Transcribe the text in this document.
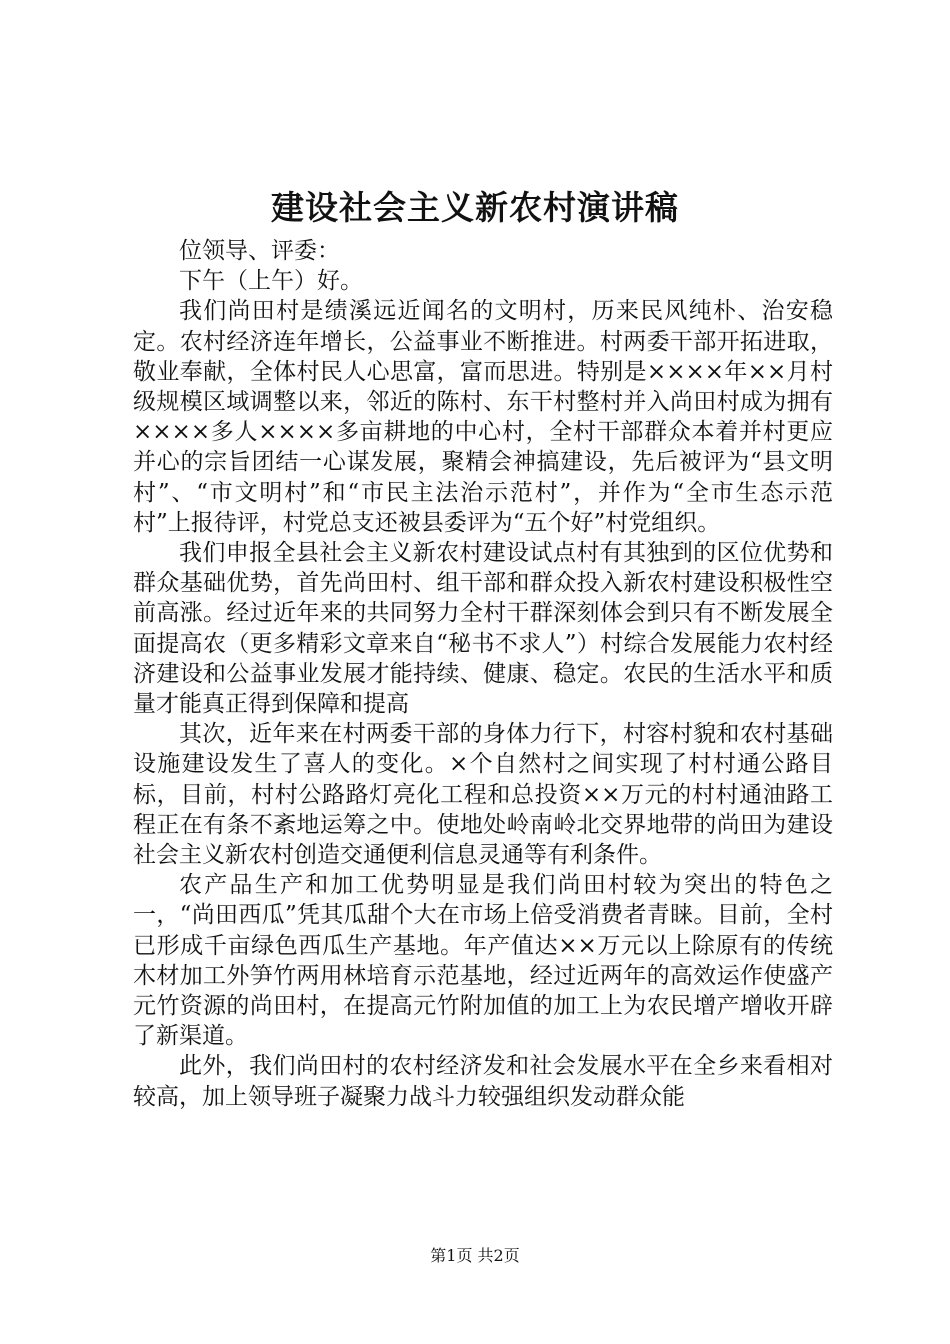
建设社会主义新农村演讲稿

位领导、评委：

下午（上午）好。

我们尚田村是绩溪远近闻名的文明村，历来民风纯朴、治安稳定。农村经济连年增长，公益事业不断推进。村两委干部开拓进取，敬业奉献，全体村民人心思富，富而思进。特别是××××年××月村级规模区域调整以来，邻近的陈村、东干村整村并入尚田村成为拥有××××多人××××多亩耕地的中心村，全村干部群众本着并村更应并心的宗旨团结一心谋发展，聚精会神搞建设，先后被评为“县文明村”、“市文明村”和“市民主法治示范村”，并作为“全市生态示范村”上报待评，村党总支还被县委评为“五个好”村党组织。

我们申报全县社会主义新农村建设试点村有其独到的区位优势和群众基础优势，首先尚田村、组干部和群众投入新农村建设积极性空前高涨。经过近年来的共同努力全村干群深刻体会到只有不断发展全面提高农（更多精彩文章来自“秘书不求人”）村综合发展能力农村经济建设和公益事业发展才能持续、健康、稳定。农民的生活水平和质量才能真正得到保障和提高

其次，近年来在村两委干部的身体力行下，村容村貌和农村基础设施建设发生了喜人的变化。×个自然村之间实现了村村通公路目标，目前，村村公路路灯亮化工程和总投资××万元的村村通油路工程正在有条不紊地运筹之中。使地处岭南岭北交界地带的尚田为建设社会主义新农村创造交通便利信息灵通等有利条件。

农产品生产和加工优势明显是我们尚田村较为突出的特色之一，“尚田西瓜”凭其瓜甜个大在市场上倍受消费者青睐。目前，全村已形成千亩绿色西瓜生产基地。年产值达××万元以上除原有的传统木材加工外笋竹两用林培育示范基地，经过近两年的高效运作使盛产元竹资源的尚田村，在提高元竹附加值的加工上为农民增产增收开辟了新渠道。

此外，我们尚田村的农村经济发和社会发展水平在全乡来看相对较高，加上领导班子凝聚力战斗力较强组织发动群众能

第1页 共2页
